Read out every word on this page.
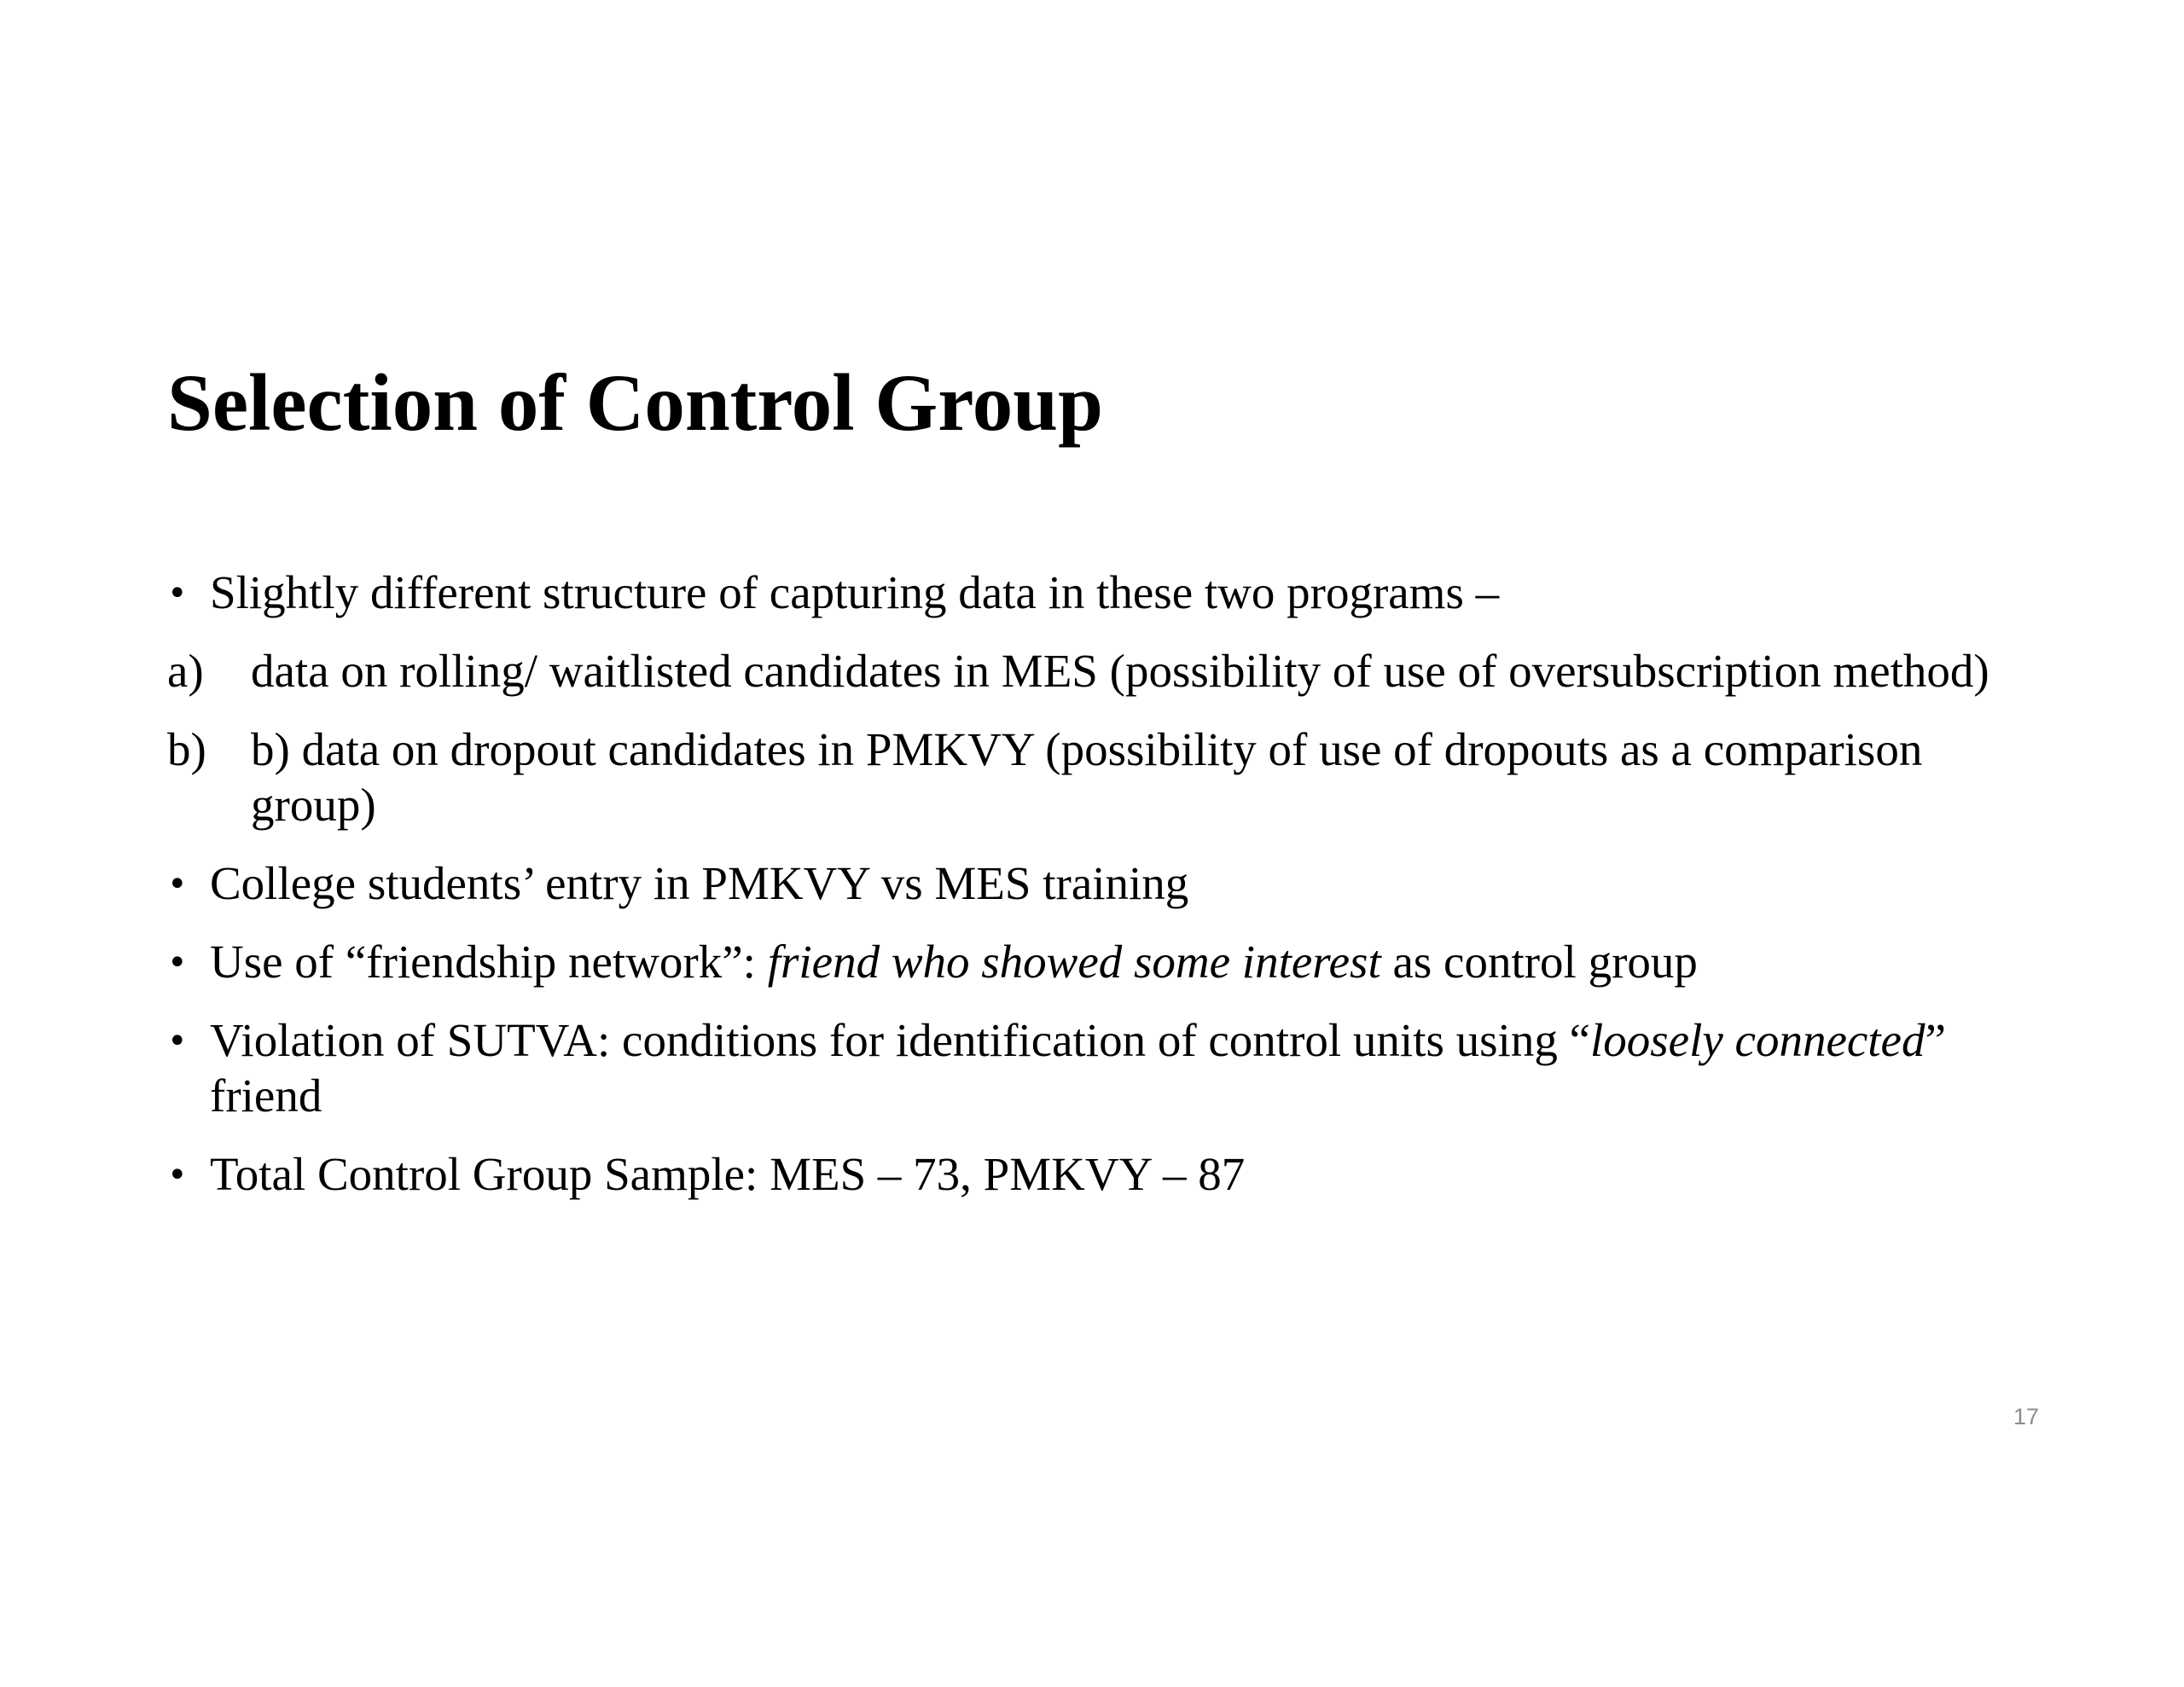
Selection of Control Group
• Slightly different structure of capturing data in these two programs –
a) data on rolling/ waitlisted candidates in MES (possibility of use of oversubscription method)
b) b) data on dropout candidates in PMKVY (possibility of use of dropouts as a comparison group)
• College students’ entry in PMKVY vs MES training
• Use of “friendship network”: friend who showed some interest as control group
• Violation of SUTVA: conditions for identification of control units using “loosely connected” friend
• Total Control Group Sample: MES – 73, PMKVY – 87
17
